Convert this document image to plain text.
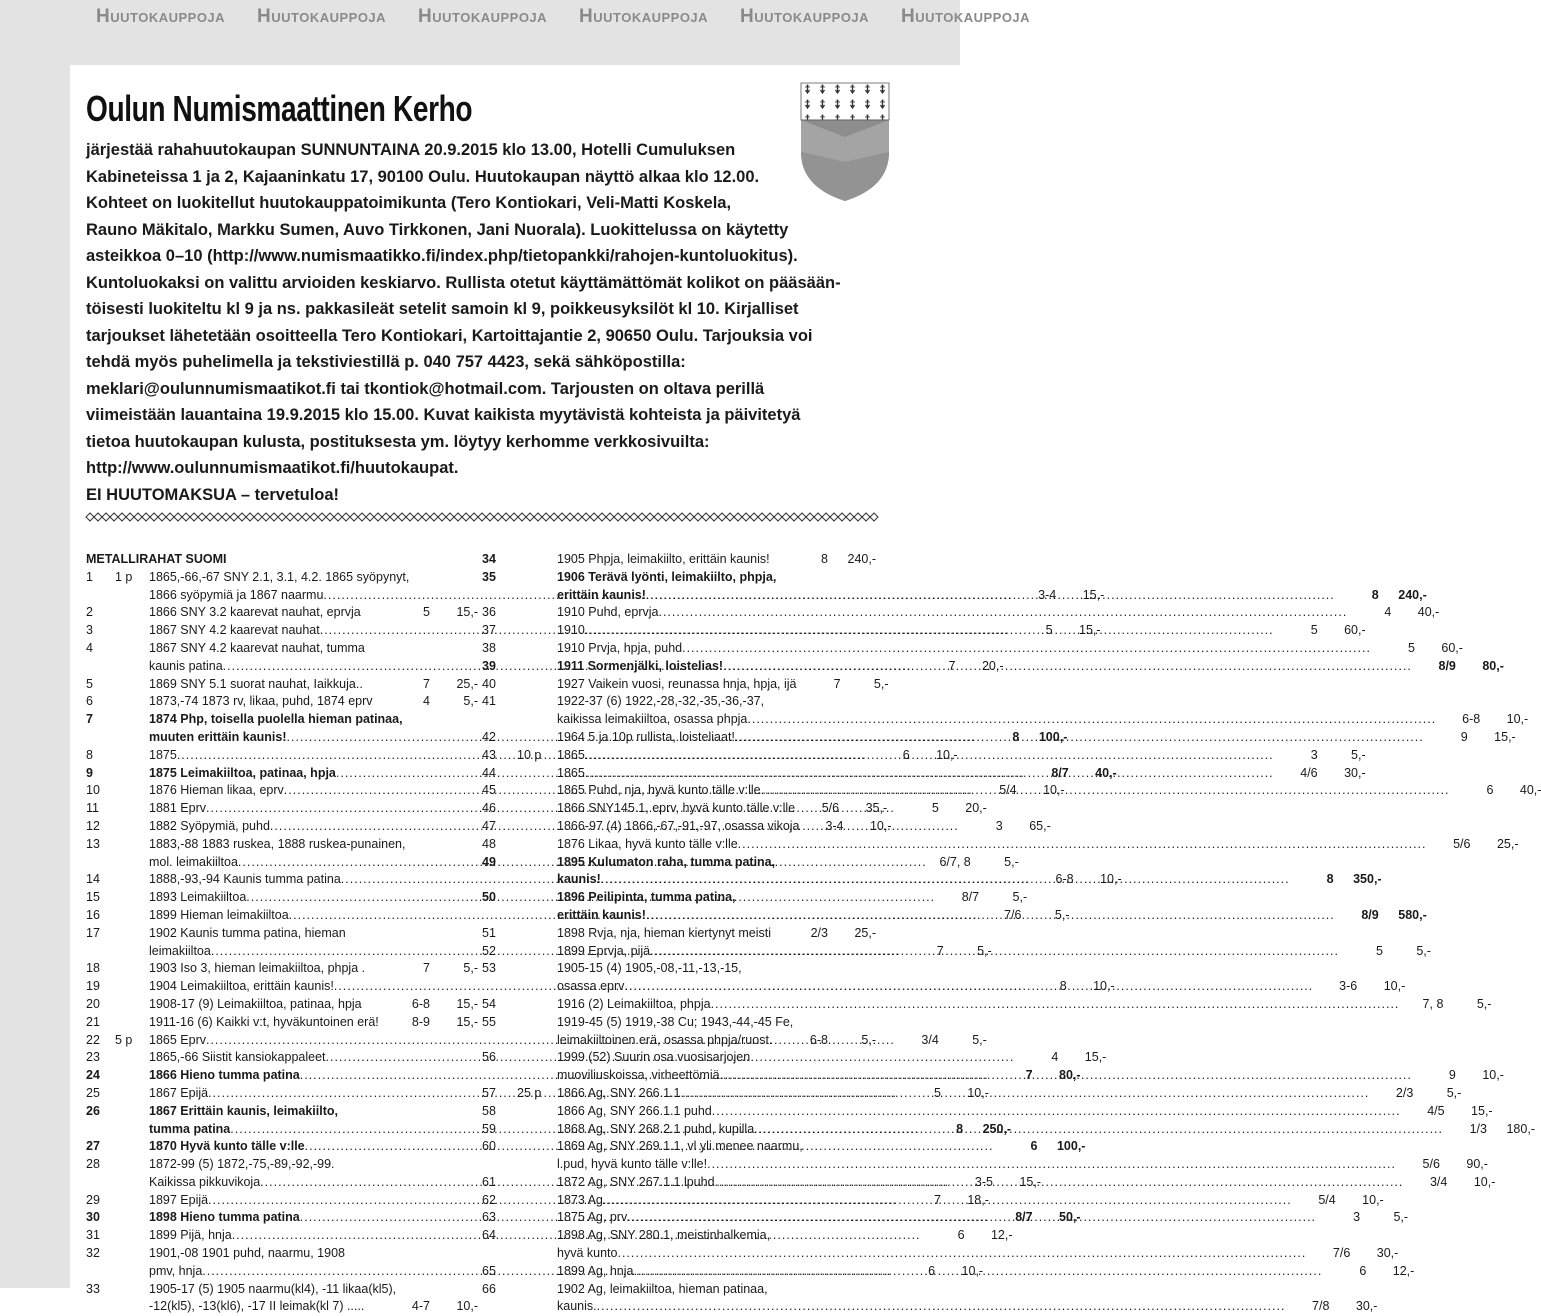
Huutokauppoja Huutokauppoja Huutokauppoja Huutokauppoja Huutokauppoja Huutokauppoja
Oulun Numismaattinen Kerho
järjestää rahahuutokaupan SUNNUNTAINA 20.9.2015 klo 13.00, Hotelli Cumuluksen
Kabineteissa 1 ja 2, Kajaaninkatu 17, 90100 Oulu. Huutokaupan näyttö alkaa klo 12.00.
Kohteet on luokitellut huutokauppatoimikunta (Tero Kontiokari, Veli-Matti Koskela,
Rauno Mäkitalo, Markku Sumen, Auvo Tirkkonen, Jani Nuorala). Luokittelussa on käytetty
asteikkoa 0–10 (http://www.numismaatikko.fi/index.php/tietopankki/rahojen-kuntoluokitus).
Kuntoluokaksi on valittu arvioiden keskiarvo. Rullista otetut käyttämättömät kolikot on pääsään-
töisesti luokiteltu kl 9 ja ns. pakkasileät setelit samoin kl 9, poikkeusyksilöt kl 10. Kirjalliset
tarjoukset lähetetään osoitteella Tero Kontiokari, Kartoittajantie 2, 90650 Oulu. Tarjouksia voi
tehdä myös puhelimella ja tekstiviestillä p. 040 757 4423, sekä sähköpostilla:
meklari@oulunnumismaatikot.fi tai tkontiok@hotmail.com. Tarjousten on oltava perillä
viimeistään lauantaina 19.9.2015 klo 15.00. Kuvat kaikista myytävistä kohteista ja päivitetyä
tietoa huutokaupan kulusta, postituksesta ym. löytyy kerhomme verkkosivuilta:
http://www.oulunnumismaatikot.fi/huutokaupat.
EI HUUTOMAKSUA – tervetuloa!
METALLIRAHAT SUOMI
1	1 p	1865,-66,-67 SNY 2.1, 3.1, 4.2. 1865 syöpynyt,
1866 syöpymiä ja 1867 naarmu .....	3-4	15,-
2	1866 SNY 3.2 kaarevat nauhat, eprvja	5	15,-
3	1867 SNY 4.2 kaarevat nauhat .....	5	15,-
4	1867 SNY 4.2 kaarevat nauhat, tumma
kaunis patina .....	7	20,-
5	1869 SNY 5.1 suorat nauhat, Iaikkuja..	7	25,-
6	1873,-74 1873 rv, likaa, puhd, 1874 eprv	4	5,-
7	1874 Php, toisella puolella hieman patinaa,
muuten erittäin kaunis! .....	8	100,-
8	1875 .....	6	10,-
9	1875 Leimakiiltoa, patinaa, hpja .....	8/7	40,-
10	1876 Hieman likaa, eprv .....	5/4	10,-
11	1881 Eprv .....	5	20,-
12	1882 Syöpymiä, puhd .....	3	65,-
13	1883,-88 1883 ruskea, 1888 ruskea-punainen,
mol. leimakiiltoa .....	6/7, 8	5,-
14	1888,-93,-94 Kaunis tumma patina .....	6-8	10,-
15	1893 Leimakiiltoa .....	8/7	5,-
16	1899 Hieman leimakiiltoa .....	7/6	5,-
17	1902 Kaunis tumma patina, hieman
leimakiiltoa .....	7	5,-
18	1903 Iso 3, hieman leimakiiltoa, phpja .	7	5,-
19	1904 Leimakiiltoa, erittäin kaunis! .....	8	10,-
20	1908-17 (9) Leimakiiltoa, patinaa, hpja	6-8	15,-
21	1911-16 (6) Kaikki v:t, hyväkuntoinen erä!	8-9	15,-
22	5 p	1865 Eprv .....	3/4	5,-
23	1865,-66 Siistit kansiokappaleet .....	4	15,-
24	1866 Hieno tumma patina .....	7	80,-
25	1867 Epijä .....	5	10,-
26	1867 Erittäin kaunis, leimakiilto,
tumma patina .....	8	250,-
27	1870 Hyvä kunto tälle v:lle .....	6	100,-
28	1872-99 (5) 1872,-75,-89,-92,-99.
Kaikissa pikkuvikoja .....	3-5	15,-
29	1897 Epijä .....	7	18,-
30	1898 Hieno tumma patina .....	8/7	50,-
31	1899 Pijä, hnja .....	6	12,-
32	1901,-08 1901 puhd, naarmu, 1908
pmv, hnja .....	6	10,-
33	1905-17 (5) 1905 naarmu(kl4), -11 likaa(kl5),
-12(kl5), -13(kl6), -17 II leimak(kl 7) .....	4-7	10,-
34	1905 Phpja, leimakiilto, erittäin kaunis!	8	240,-
35	1906 Terävä lyönti, leimakiilto, phpja,
erittäin kaunis! .....	8	240,-
36	1910 Puhd, eprvja .....	4	40,-
37	1910 .....	5	60,-
38	1910 Prvja, hpja, puhd .....	5	60,-
39	1911 Sormenjälki, loistelias! .....	8/9	80,-
40	1927 Vaikein vuosi, reunassa hnja, hpja, ijä	7	5,-
41	1922-37 (6) 1922,-28,-32,-35,-36,-37,
kaikissa leimakiiltoa, osassa phpja .....	6-8	10,-
42	1964 5 ja 10p rullista, loisteliaat! .....	9	15,-
43	10 p	1865 .....	3	5,-
44	1865 .....	4/6	30,-
45	1865 Puhd, nja, hyvä kunto tälle v:lle .....	6	40,-
46	1866 SNY145.1, eprv, hyvä kunto tälle v:lle	5/6	35,-
47	1866-97 (4) 1866,-67,-91,-97, osassa vikoja	3-4	10,-
48	1876 Likaa, hyvä kunto tälle v:lle .....	5/6	25,-
49	1895 Kulumaton raha, tumma patina,
kaunis! .....	8	350,-
50	1896 Peilipinta, tumma patina,
erittäin kaunis! .....	8/9	580,-
51	1898 Rvja, nja, hieman kiertynyt meisti	2/3	25,-
52	1899 Eprvja, pijä .....	5	5,-
53	1905-15 (4) 1905,-08,-11,-13,-15,
osassa eprv .....	3-6	10,-
54	1916 (2) Leimakiiltoa, phpja .....	7, 8	5,-
55	1919-45 (5) 1919,-38 Cu; 1943,-44,-45 Fe,
leimakiiltoinen erä, osassa phpja/ruost.	6-8	5,-
56	1999 (52) Suurin osa vuosisarjojen
muoviliuskoissa, virheettömiä. .....	9	10,-
57	25 p	1866 Ag, SNY 266.1.1 .....	2/3	5,-
58	1866 Ag, SNY 266.1.1 puhd .....	4/5	15,-
59	1868 Ag, SNY 268.2.1 puhd, kupilla .....	1/3	180,-
60	1869 Ag, SNY 269.1.1, vl yli menee naarmu,
l.pud, hyvä kunto tälle v:lle! .....	5/6	90,-
61	1872 Ag, SNY 267.1.1 lpuhd .....	3/4	10,-
62	1873 Ag .....	5/4	10,-
63	1875 Ag, prv .....	3	5,-
64	1898 Ag, SNY 280.1, meistinhalkemia,
hyvä kunto .....	7/6	30,-
65	1899 Ag, hnja .....	6	12,-
66	1902 Ag, leimakiiltoa, hieman patinaa,
kaunis. .....	7/8	30,-
